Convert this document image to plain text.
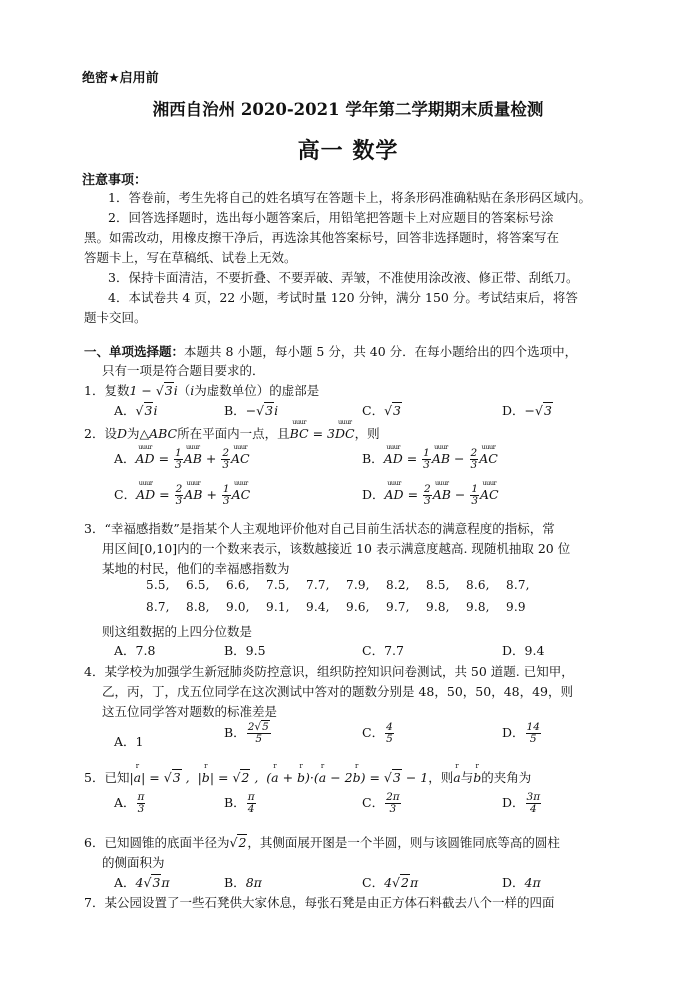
绝密★启用前
湘西自治州 2020-2021 学年第二学期期末质量检测
高一 数学
注意事项：
1．答卷前，考生先将自己的姓名填写在答题卡上，将条形码准确粘贴在条形码区域内。
2．回答选择题时，选出每小题答案后，用铅笔把答题卡上对应题目的答案标号涂
黑。如需改动，用橡皮擦干净后，再选涂其他答案标号，回答非选择题时，将答案写在
答题卡上，写在草稿纸、试卷上无效。
3．保持卡面清洁，不要折叠、不要弄破、弄皱，不准使用涂改液、修正带、刮纸刀。
4．本试卷共 4 页，22 小题，考试时量 120 分钟，满分 150 分。考试结束后，将答
题卡交回。
一、单项选择题：本题共 8 小题，每小题 5 分，共 40 分．在每小题给出的四个选项中，
只有一项是符合题目要求的．
1．复数1 − √3i（i为虚数单位）的虚部是
A．√3i	B．−√3i	C．√3	D．−√3
2．设D为△ABC所在平面内一点，且uuur BC = 3uuur DC，则
A．uuur AD = $\frac{1}{3}$ uuur AB + $\frac{2}{3}$ uuur AC	B．uuur AD = $\frac{1}{3}$ uuur AB − $\frac{2}{3}$ uuur AC
C．uuur AD = $\frac{2}{3}$ uuur AB + $\frac{1}{3}$ uuur AC	D．uuur AD = $\frac{2}{3}$ uuur AB − $\frac{1}{3}$ uuur AC
3．“幸福感指数”是指某个人主观地评价他对自己目前生活状态的满意程度的指标，常
用区间[0,10]内的一个数来表示，该数越接近 10 表示满意度越高. 现随机抽取 20 位
某地的村民，他们的幸福感指数为
5.5, 6.5, 6.6, 7.5, 7.7, 7.9, 8.2, 8.5, 8.6, 8.7,
8.7, 8.8, 9.0, 9.1, 9.4, 9.6, 9.7, 9.8, 9.8, 9.9
则这组数据的上四分位数是
A．7.8	B．9.5	C．7.7	D．9.4
4．某学校为加强学生新冠肺炎防控意识，组织防控知识问卷测试，共 50 道题. 已知甲，
乙，丙，丁，戊五位同学在这次测试中答对的题数分别是 48，50，50，48，49，则
这五位同学答对题数的标准差是
A．1
B． $\frac{2√5}{5}$	C． $\frac{4}{5}$	D． $\frac{14}{5}$
5．已知|r a| = √3 ,  |r b| = √2 ,  (r a + r b)·(r a − 2r b) = √3 − 1，则r a与r b的夹角为
A． $\frac{\pi}{3}$	B． $\frac{\pi}{4}$	C． $\frac{2\pi}{3}$	D． $\frac{3\pi}{4}$
6．已知圆锥的底面半径为√2，其侧面展开图是一个半圆，则与该圆锥同底等高的圆柱
的侧面积为
A．4√3π	B．8π	C．4√2π	D．4π
7．某公园设置了一些石凳供大家休息，每张石凳是由正方体石料截去八个一样的四面
